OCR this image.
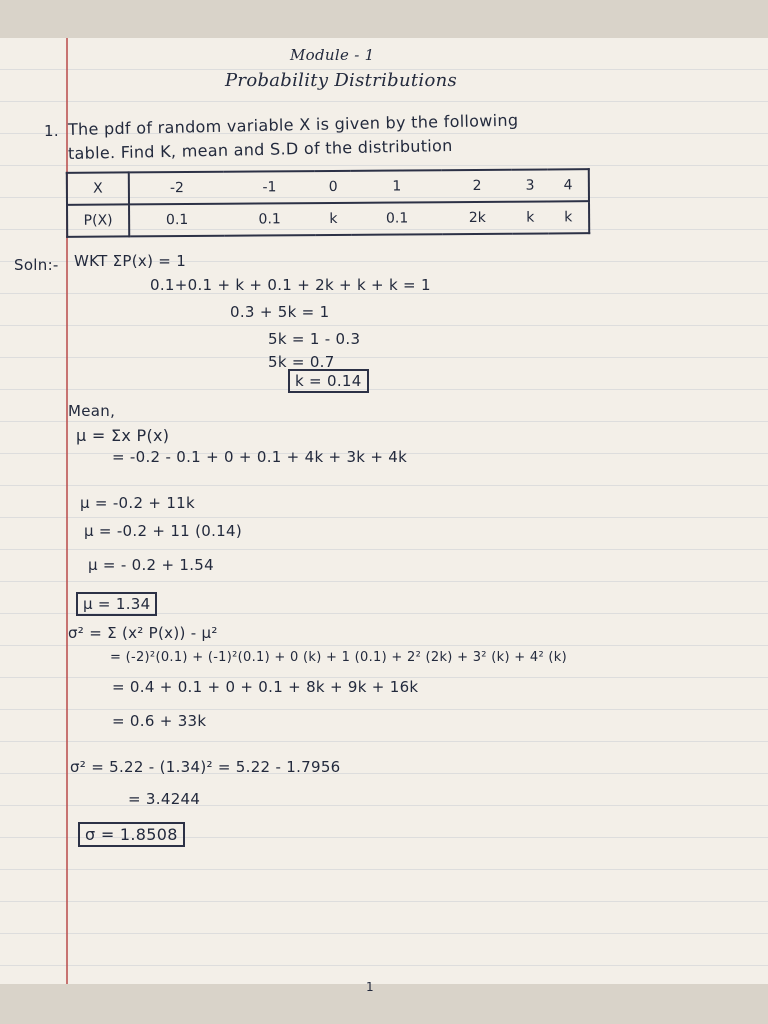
Module - 1
Probability Distributions
1. The pdf of random variable X is given by the following
table. Find K, mean and S.D of the distribution
X	-2	-1	0	1	2	3	4
P(X)	0.1	0.1	k	0.1	2k	k	k
Soln:- WKT ΣP(x) = 1
0.1+0.1 + k + 0.1 + 2k + k + k = 1
0.3 + 5k = 1
5k = 1 - 0.3
5k = 0.7
k = 0.14
Mean,
μ = Σx P(x)
= -0.2 - 0.1 + 0 + 0.1 + 4k + 3k + 4k
μ = -0.2 + 11k
μ = -0.2 + 11 (0.14)
μ = - 0.2 + 1.54
μ = 1.34
σ² = Σ (x² P(x)) - μ²
= (-2)²(0.1) + (-1)²(0.1) + 0 (k) + 1 (0.1) + 2² (2k) + 3² (k) + 4² (k)
= 0.4 + 0.1 + 0 + 0.1 + 8k + 9k + 16k
= 0.6 + 33k
σ² = 5.22 - (1.34)² = 5.22 - 1.7956
= 3.4244
σ = 1.8508
1
